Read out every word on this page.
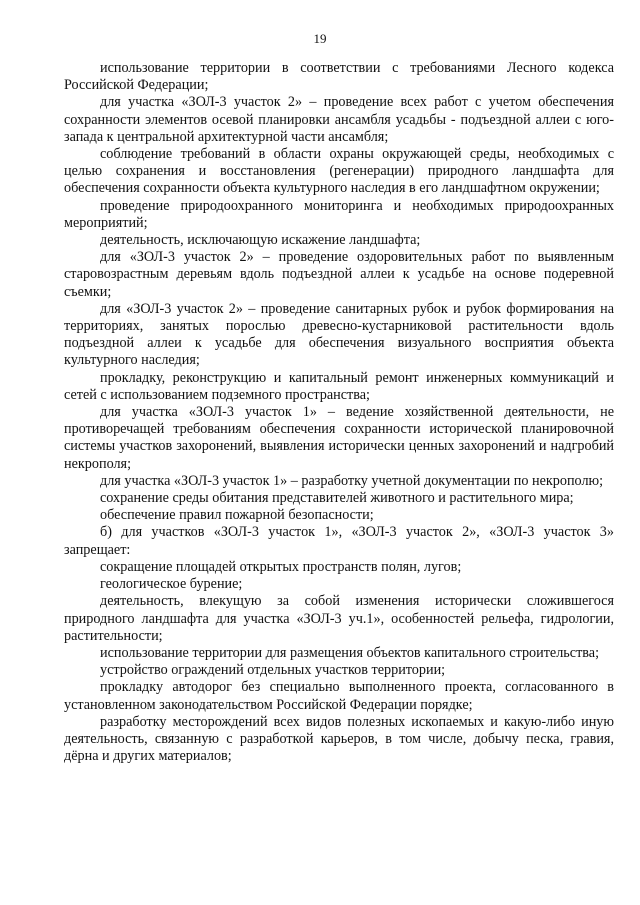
19

использование территории в соответствии с требованиями Лесного кодекса Российской Федерации;

для участка «ЗОЛ-3 участок 2» – проведение всех работ с учетом обеспечения сохранности элементов осевой планировки ансамбля усадьбы - подъездной аллеи с юго-запада к центральной архитектурной части ансамбля;

соблюдение требований в области охраны окружающей среды, необходимых с целью сохранения и восстановления (регенерации) природного ландшафта для обеспечения сохранности объекта культурного наследия в его ландшафтном окружении;

проведение природоохранного мониторинга и необходимых природоохранных мероприятий;

деятельность, исключающую искажение ландшафта;

для «ЗОЛ-3 участок 2» – проведение оздоровительных работ по выявленным старовозрастным деревьям вдоль подъездной аллеи к усадьбе на основе подеревной съемки;

для «ЗОЛ-3 участок 2» – проведение санитарных рубок и рубок формирования на территориях, занятых порослью древесно-кустарниковой растительности вдоль подъездной аллеи к усадьбе для обеспечения визуального восприятия объекта культурного наследия;

прокладку, реконструкцию и капитальный ремонт инженерных коммуникаций и сетей с использованием подземного пространства;

для участка «ЗОЛ-3 участок 1» – ведение хозяйственной деятельности, не противоречащей требованиям обеспечения сохранности исторической планировочной системы участков захоронений, выявления исторически ценных захоронений и надгробий некрополя;

для участка «ЗОЛ-3 участок 1» – разработку учетной документации по некрополю;

сохранение среды обитания представителей животного и растительного мира;

обеспечение правил пожарной безопасности;

б) для участков «ЗОЛ-3 участок 1», «ЗОЛ-3 участок 2», «ЗОЛ-3 участок 3» запрещает:

сокращение площадей открытых пространств полян, лугов;

геологическое бурение;

деятельность, влекущую за собой изменения исторически сложившегося природного ландшафта для участка «ЗОЛ-3 уч.1», особенностей рельефа, гидрологии, растительности;

использование территории для размещения объектов капитального строительства;

устройство ограждений отдельных участков территории;

прокладку автодорог без специально выполненного проекта, согласованного в установленном законодательством Российской Федерации порядке;

разработку месторождений всех видов полезных ископаемых и какую-либо иную деятельность, связанную с разработкой карьеров, в том числе, добычу песка, гравия, дёрна и других материалов;
